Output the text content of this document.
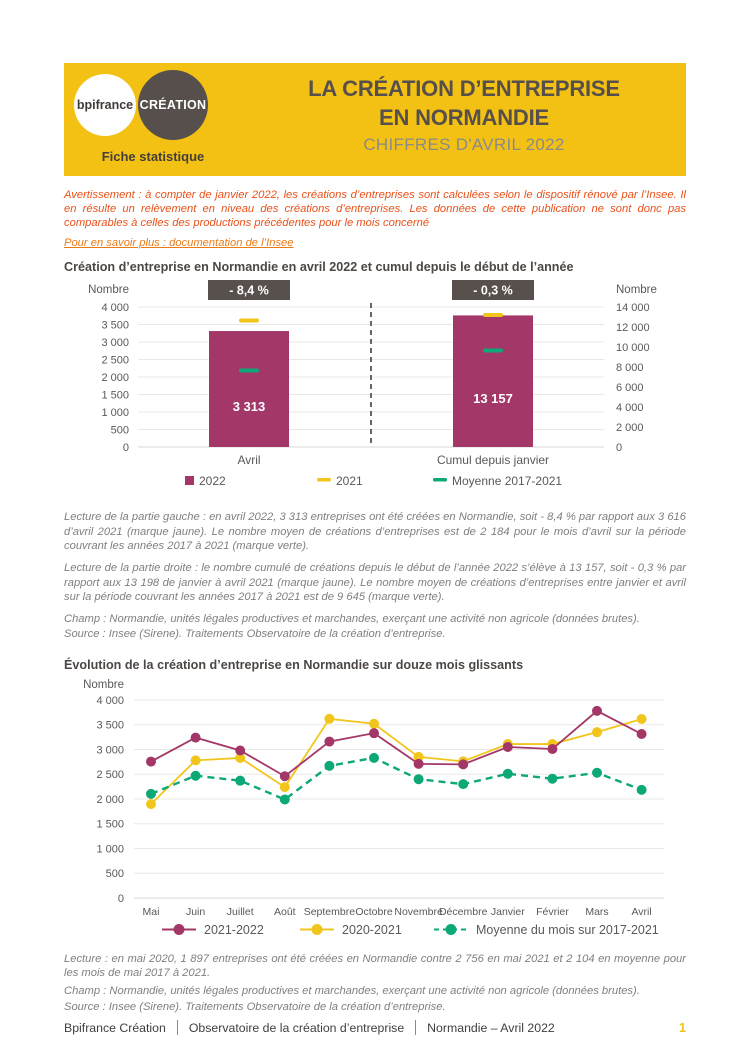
bpifrance CRÉATION
Fiche statistique
LA CRÉATION D’ENTREPRISE
EN NORMANDIE
CHIFFRES D'AVRIL 2022
Avertissement : à compter de janvier 2022, les créations d’entreprises sont calculées selon le dispositif rénové par l’Insee. Il en résulte un relèvement en niveau des créations d’entreprises. Les données de cette publication ne sont donc pas comparables à celles des productions précédentes pour le mois concerné
Pour en savoir plus : documentation de l’Insee
Création d’entreprise en Normandie en avril 2022 et cumul depuis le début de l’année
0
500
1 000
1 500
2 000
2 500
3 000
3 500
4 000
0
2 000
4 000
6 000
8 000
10 000
12 000
14 000
Nombre	Nombre
3 313
- 8,4 %
Avril
13 157
- 0,3 %
Cumul depuis janvier
2022	2021	Moyenne 2017-2021
Lecture de la partie gauche : en avril 2022, 3 313 entreprises ont été créées en Normandie, soit - 8,4 % par rapport aux 3 616 d’avril 2021 (marque jaune). Le nombre moyen de créations d’entreprises est de 2 184 pour le mois d’avril sur la période couvrant les années 2017 à 2021 (marque verte).
Lecture de la partie droite : le nombre cumulé de créations depuis le début de l’année 2022 s’élève à 13 157, soit - 0,3 % par rapport aux 13 198 de janvier à avril 2021 (marque jaune). Le nombre moyen de créations d’entreprises entre janvier et avril sur la période couvrant les années 2017 à 2021 est de 9 645 (marque verte).
Champ : Normandie, unités légales productives et marchandes, exerçant une activité non agricole (données brutes).
Source : Insee (Sirene). Traitements Observatoire de la création d’entreprise.
Évolution de la création d’entreprise en Normandie sur douze mois glissants
Nombre
0
500
1 000
1 500
2 000
2 500
3 000
3 500
4 000
Mai	Juin Juillet Août Septembre Octobre Novembre
Décembre Janvier Février Mars Avril
2021-2022	2020-2021	Moyenne du mois sur 2017-2021
Lecture : en mai 2020, 1 897 entreprises ont été créées en Normandie contre 2 756 en mai 2021 et 2 104 en moyenne pour les mois de mai 2017 à 2021.
Champ : Normandie, unités légales productives et marchandes, exerçant une activité non agricole (données brutes).
Source : Insee (Sirene). Traitements Observatoire de la création d’entreprise.
Bpifrance Création Observatoire de la création d’entreprise Normandie – Avril 2022	1
